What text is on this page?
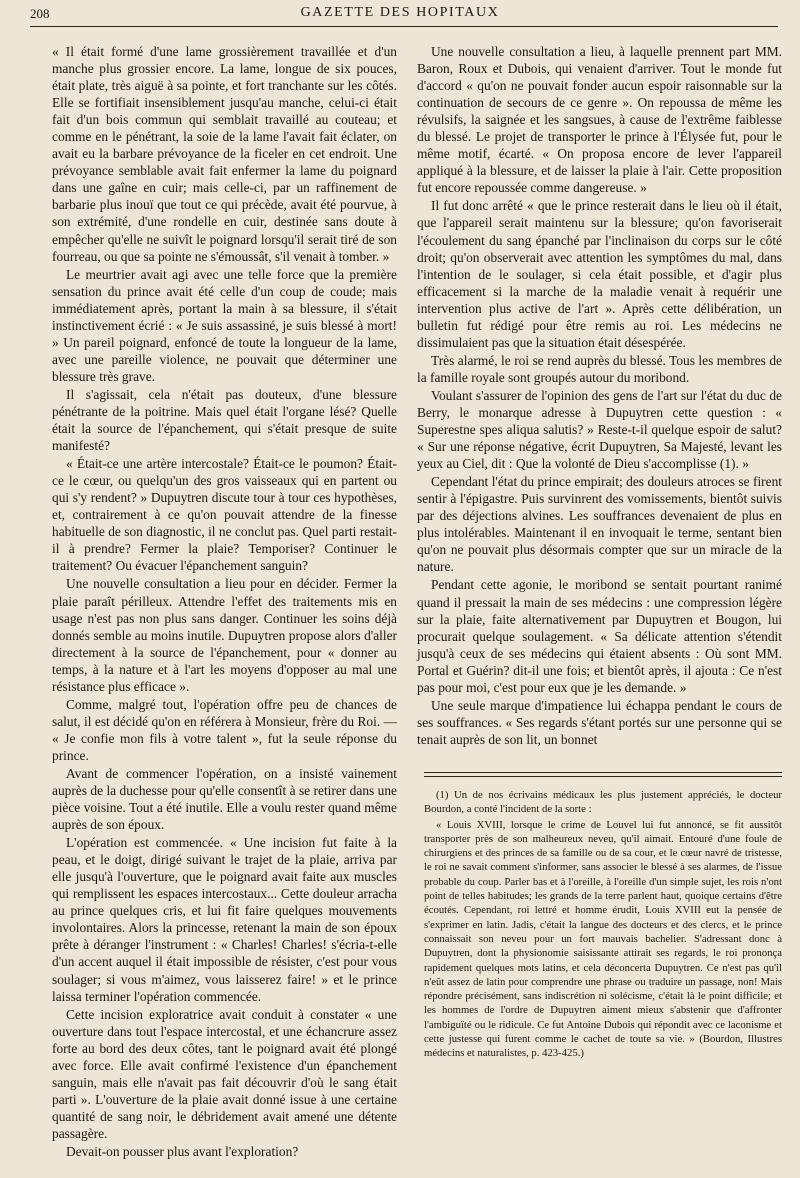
208	GAZETTE DES HOPITAUX

« Il était formé d'une lame grossièrement travaillée et d'un manche plus grossier encore. La lame, longue de six pouces, était plate, très aiguë à sa pointe, et fort tranchante sur les côtés. Elle se fortifiait insensiblement jusqu'au manche, celui-ci était fait d'un bois commun qui semblait travaillé au couteau; et comme en le pénétrant, la soie de la lame l'avait fait éclater, on avait eu la barbare prévoyance de la ficeler en cet endroit. Une prévoyance semblable avait fait enfermer la lame du poignard dans une gaîne en cuir; mais celle-ci, par un raffinement de barbarie plus inouï que tout ce qui précède, avait été pourvue, à son extrémité, d'une rondelle en cuir, destinée sans doute à empêcher qu'elle ne suivît le poignard lorsqu'il serait tiré de son fourreau, ou que sa pointe ne s'émoussât, s'il venait à tomber. »

Le meurtrier avait agi avec une telle force que la première sensation du prince avait été celle d'un coup de coude; mais immédiatement après, portant la main à sa blessure, il s'était instinctivement écrié : « Je suis assassiné, je suis blessé à mort! » Un pareil poignard, enfoncé de toute la longueur de la lame, avec une pareille violence, ne pouvait que déterminer une blessure très grave.

Il s'agissait, cela n'était pas douteux, d'une blessure pénétrante de la poitrine. Mais quel était l'organe lésé? Quelle était la source de l'épanchement, qui s'était presque de suite manifesté?

« Était-ce une artère intercostale? Était-ce le poumon? Était-ce le cœur, ou quelqu'un des gros vaisseaux qui en partent ou qui s'y rendent? » Dupuytren discute tour à tour ces hypothèses, et, contrairement à ce qu'on pouvait attendre de la finesse habituelle de son diagnostic, il ne conclut pas. Quel parti restait-il à prendre? Fermer la plaie? Temporiser? Continuer le traitement? Ou évacuer l'épanchement sanguin?

Une nouvelle consultation a lieu pour en décider. Fermer la plaie paraît périlleux. Attendre l'effet des traitements mis en usage n'est pas non plus sans danger. Continuer les soins déjà donnés semble au moins inutile. Dupuytren propose alors d'aller directement à la source de l'épanchement, pour « donner au temps, à la nature et à l'art les moyens d'opposer au mal une résistance plus efficace ».

Comme, malgré tout, l'opération offre peu de chances de salut, il est décidé qu'on en référera à Monsieur, frère du Roi. — « Je confie mon fils à votre talent », fut la seule réponse du prince.

Avant de commencer l'opération, on a insisté vainement auprès de la duchesse pour qu'elle consentît à se retirer dans une pièce voisine. Tout a été inutile. Elle a voulu rester quand même auprès de son époux.

L'opération est commencée. « Une incision fut faite à la peau, et le doigt, dirigé suivant le trajet de la plaie, arriva par elle jusqu'à l'ouverture, que le poignard avait faite aux muscles qui remplissent les espaces intercostaux... Cette douleur arracha au prince quelques cris, et lui fit faire quelques mouvements involontaires. Alors la princesse, retenant la main de son époux prête à déranger l'instrument : « Charles! Charles! s'écria-t-elle d'un accent auquel il était impossible de résister, c'est pour vous soulager; si vous m'aimez, vous laisserez faire! » et le prince laissa terminer l'opération commencée.

Cette incision exploratrice avait conduit à constater « une ouverture dans tout l'espace intercostal, et une échancrure assez forte au bord des deux côtes, tant le poignard avait été plongé avec force. Elle avait confirmé l'existence d'un épanchement sanguin, mais elle n'avait pas fait découvrir d'où le sang était parti ». L'ouverture de la plaie avait donné issue à une certaine quantité de sang noir, le débridement avait amené une détente passagère.

Devait-on pousser plus avant l'exploration?

Une nouvelle consultation a lieu, à laquelle prennent part MM. Baron, Roux et Dubois, qui venaient d'arriver. Tout le monde fut d'accord « qu'on ne pouvait fonder aucun espoir raisonnable sur la continuation de secours de ce genre ». On repoussa de même les révulsifs, la saignée et les sangsues, à cause de l'extrême faiblesse du blessé. Le projet de transporter le prince à l'Élysée fut, pour le même motif, écarté. « On proposa encore de lever l'appareil appliqué à la blessure, et de laisser la plaie à l'air. Cette proposition fut encore repoussée comme dangereuse. »

Il fut donc arrêté « que le prince resterait dans le lieu où il était, que l'appareil serait maintenu sur la blessure; qu'on favoriserait l'écoulement du sang épanché par l'inclinaison du corps sur le côté droit; qu'on observerait avec attention les symptômes du mal, dans l'intention de le soulager, si cela était possible, et d'agir plus efficacement si la marche de la maladie venait à requérir une intervention plus active de l'art ». Après cette délibération, un bulletin fut rédigé pour être remis au roi. Les médecins ne dissimulaient pas que la situation était désespérée.

Très alarmé, le roi se rend auprès du blessé. Tous les membres de la famille royale sont groupés autour du moribond.

Voulant s'assurer de l'opinion des gens de l'art sur l'état du duc de Berry, le monarque adresse à Dupuytren cette question : « Superestne spes aliqua salutis? » Reste-t-il quelque espoir de salut? « Sur une réponse négative, écrit Dupuytren, Sa Majesté, levant les yeux au Ciel, dit : Que la volonté de Dieu s'accomplisse (1). »

Cependant l'état du prince empirait; des douleurs atroces se firent sentir à l'épigastre. Puis survinrent des vomissements, bientôt suivis par des déjections alvines. Les souffrances devenaient de plus en plus intolérables. Maintenant il en invoquait le terme, sentant bien qu'on ne pouvait plus désormais compter que sur un miracle de la nature.

Pendant cette agonie, le moribond se sentait pourtant ranimé quand il pressait la main de ses médecins : une compression légère sur la plaie, faite alternativement par Dupuytren et Bougon, lui procurait quelque soulagement. « Sa délicate attention s'étendit jusqu'à ceux de ses médecins qui étaient absents : Où sont MM. Portal et Guérin? dit-il une fois; et bientôt après, il ajouta : Ce n'est pas pour moi, c'est pour eux que je les demande. »

Une seule marque d'impatience lui échappa pendant le cours de ses souffrances. « Ses regards s'étant portés sur une personne qui se tenait auprès de son lit, un bonnet

(1) Un de nos écrivains médicaux les plus justement appréciés, le docteur Bourdon, a conté l'incident de la sorte :

« Louis XVIII, lorsque le crime de Louvel lui fut annoncé, se fit aussitôt transporter près de son malheureux neveu, qu'il aimait. Entouré d'une foule de chirurgiens et des princes de sa famille ou de sa cour, et le cœur navré de tristesse, le roi ne savait comment s'informer, sans associer le blessé à ses alarmes, de l'issue probable du coup. Parler bas et à l'oreille, à l'oreille d'un simple sujet, les rois n'ont point de telles habitudes; les grands de la terre parlent haut, quoique certains d'être écoutés. Cependant, roi lettré et homme érudit, Louis XVIII eut la pensée de s'exprimer en latin. Jadis, c'était la langue des docteurs et des clercs, et le prince connaissait son neveu pour un fort mauvais bachelier. S'adressant donc à Dupuytren, dont la physionomie saisissante attirait ses regards, le roi prononça rapidement quelques mots latins, et cela déconcerta Dupuytren. Ce n'est pas qu'il n'eût assez de latin pour comprendre une phrase ou traduire un passage, non! Mais répondre précisément, sans indiscrétion ni solécisme, c'était là le point difficile; et les hommes de l'ordre de Dupuytren aiment mieux s'abstenir que d'affronter l'ambiguïté ou le ridicule. Ce fut Antoine Dubois qui répondit avec ce laconisme et cette justesse qui furent comme le cachet de toute sa vie. » (Bourdon, Illustres médecins et naturalistes, p. 423-425.)
